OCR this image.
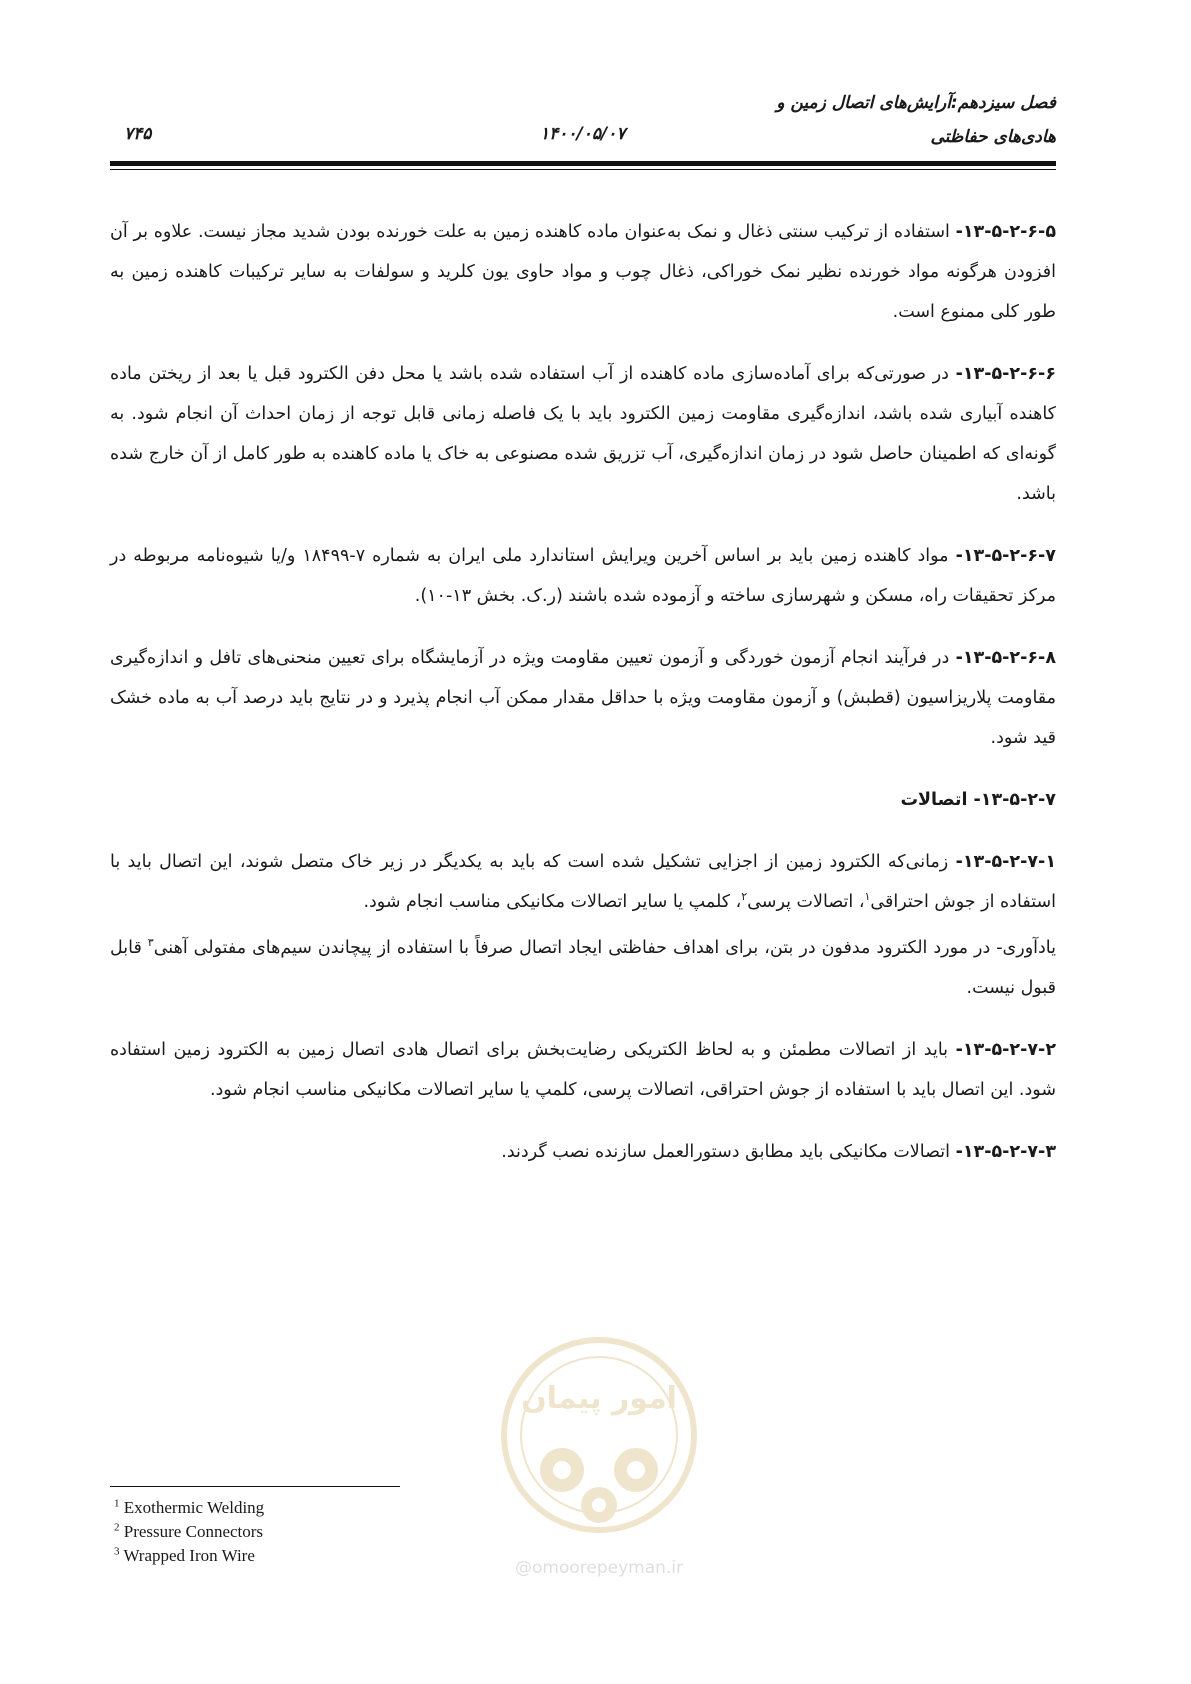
فصل سیزدهم:آرایش‌های اتصال زمین و
هادی‌های حفاظتی
۱۴۰۰/۰۵/۰۷
۷۴۵

۱۳-۵-۲-۶-۵- استفاده از ترکیب سنتی ذغال و نمک به‌عنوان ماده کاهنده زمین به علت خورنده بودن شدید مجاز نیست. علاوه بر آن افزودن هرگونه مواد خورنده نظیر نمک خوراکی، ذغال چوب و مواد حاوی یون کلرید و سولفات به سایر ترکیبات کاهنده زمین به طور کلی ممنوع است.

۱۳-۵-۲-۶-۶- در صورتی‌که برای آماده‌سازی ماده کاهنده از آب استفاده شده باشد یا محل دفن الکترود قبل یا بعد از ریختن ماده کاهنده آبیاری شده باشد، اندازه‌گیری مقاومت زمین الکترود باید با یک فاصله زمانی قابل توجه از زمان احداث آن انجام شود. به گونه‌ای که اطمینان حاصل شود در زمان اندازه‌گیری، آب تزریق شده مصنوعی به خاک یا ماده کاهنده به طور کامل از آن خارج شده باشد.

۱۳-۵-۲-۶-۷- مواد کاهنده زمین باید بر اساس آخرین ویرایش استاندارد ملی ایران به شماره ۷-۱۸۴۹۹ و/یا شیوه‌نامه مربوطه در مرکز تحقیقات راه، مسکن و شهرسازی ساخته و آزموده شده باشند (ر.ک. بخش ۱۳-۱۰).

۱۳-۵-۲-۶-۸- در فرآیند انجام آزمون خوردگی و آزمون تعیین مقاومت ویژه در آزمایشگاه برای تعیین منحنی‌های تافل و اندازه‌گیری مقاومت پلاریزاسیون (قطبش) و آزمون مقاومت ویژه با حداقل مقدار ممکن آب انجام پذیرد و در نتایج باید درصد آب به ماده خشک قید شود.

۱۳-۵-۲-۷- اتصالات

۱۳-۵-۲-۷-۱- زمانی‌که الکترود زمین از اجزایی تشکیل شده است که باید به یکدیگر در زیر خاک متصل شوند، این اتصال باید با استفاده از جوش احتراقی$^۱$، اتصالات پرسی$^۲$، کلمپ یا سایر اتصالات مکانیکی مناسب انجام شود.

یادآوری- در مورد الکترود مدفون در بتن، برای اهداف حفاظتی ایجاد اتصال صرفاً با استفاده از پیچاندن سیم‌های مفتولی آهنی$^۳$ قابل قبول نیست.

۱۳-۵-۲-۷-۲- باید از اتصالات مطمئن و به لحاظ الکتریکی رضایت‌بخش برای اتصال هادی اتصال زمین به الکترود زمین استفاده شود. این اتصال باید با استفاده از جوش احتراقی، اتصالات پرسی، کلمپ یا سایر اتصالات مکانیکی مناسب انجام شود.

۱۳-۵-۲-۷-۳- اتصالات مکانیکی باید مطابق دستورالعمل سازنده نصب گردند.

امور پیمان
@omoorepeyman.ir
$^1$ Exothermic Welding
$^2$ Pressure Connectors
$^3$ Wrapped Iron Wire
